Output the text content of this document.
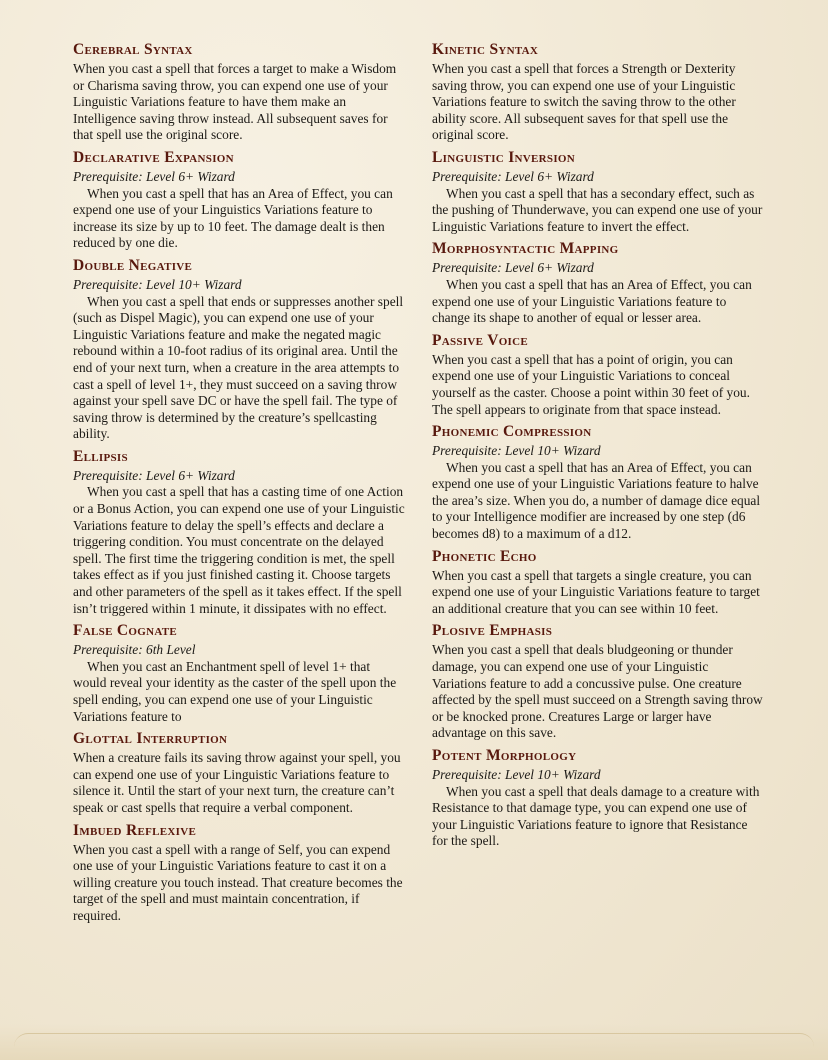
Cerebral Syntax

When you cast a spell that forces a target to make a Wisdom or Charisma saving throw, you can expend one use of your Linguistic Variations feature to have them make an Intelligence saving throw instead. All subsequent saves for that spell use the original score.

Declarative Expansion

Prerequisite: Level 6+ Wizard

When you cast a spell that has an Area of Effect, you can expend one use of your Linguistics Variations feature to increase its size by up to 10 feet. The damage dealt is then reduced by one die.

Double Negative

Prerequisite: Level 10+ Wizard

When you cast a spell that ends or suppresses another spell (such as Dispel Magic), you can expend one use of your Linguistic Variations feature and make the negated magic rebound within a 10-foot radius of its original area. Until the end of your next turn, when a creature in the area attempts to cast a spell of level 1+, they must succeed on a saving throw against your spell save DC or have the spell fail. The type of saving throw is determined by the creature’s spellcasting ability.

Ellipsis

Prerequisite: Level 6+ Wizard

When you cast a spell that has a casting time of one Action or a Bonus Action, you can expend one use of your Linguistic Variations feature to delay the spell’s effects and declare a triggering condition. You must concentrate on the delayed spell. The first time the triggering condition is met, the spell takes effect as if you just finished casting it. Choose targets and other parameters of the spell as it takes effect. If the spell isn’t triggered within 1 minute, it dissipates with no effect.

False Cognate

Prerequisite: 6th Level

When you cast an Enchantment spell of level 1+ that would reveal your identity as the caster of the spell upon the spell ending, you can expend one use of your Linguistic Variations feature to

Glottal Interruption

When a creature fails its saving throw against your spell, you can expend one use of your Linguistic Variations feature to silence it. Until the start of your next turn, the creature can’t speak or cast spells that require a verbal component.

Imbued Reflexive

When you cast a spell with a range of Self, you can expend one use of your Linguistic Variations feature to cast it on a willing creature you touch instead. That creature becomes the target of the spell and must maintain concentration, if required.

Kinetic Syntax

When you cast a spell that forces a Strength or Dexterity saving throw, you can expend one use of your Linguistic Variations feature to switch the saving throw to the other ability score. All subsequent saves for that spell use the original score.

Linguistic Inversion

Prerequisite: Level 6+ Wizard

When you cast a spell that has a secondary effect, such as the pushing of Thunderwave, you can expend one use of your Linguistic Variations feature to invert the effect.

Morphosyntactic Mapping

Prerequisite: Level 6+ Wizard

When you cast a spell that has an Area of Effect, you can expend one use of your Linguistic Variations feature to change its shape to another of equal or lesser area.

Passive Voice

When you cast a spell that has a point of origin, you can expend one use of your Linguistic Variations to conceal yourself as the caster. Choose a point within 30 feet of you. The spell appears to originate from that space instead.

Phonemic Compression

Prerequisite: Level 10+ Wizard

When you cast a spell that has an Area of Effect, you can expend one use of your Linguistic Variations feature to halve the area’s size. When you do, a number of damage dice equal to your Intelligence modifier are increased by one step (d6 becomes d8) to a maximum of a d12.

Phonetic Echo

When you cast a spell that targets a single creature, you can expend one use of your Linguistic Variations feature to target an additional creature that you can see within 10 feet.

Plosive Emphasis

When you cast a spell that deals bludgeoning or thunder damage, you can expend one use of your Linguistic Variations feature to add a concussive pulse. One creature affected by the spell must succeed on a Strength saving throw or be knocked prone. Creatures Large or larger have advantage on this save.

Potent Morphology

Prerequisite: Level 10+ Wizard

When you cast a spell that deals damage to a creature with Resistance to that damage type, you can expend one use of your Linguistic Variations feature to ignore that Resistance for the spell.
